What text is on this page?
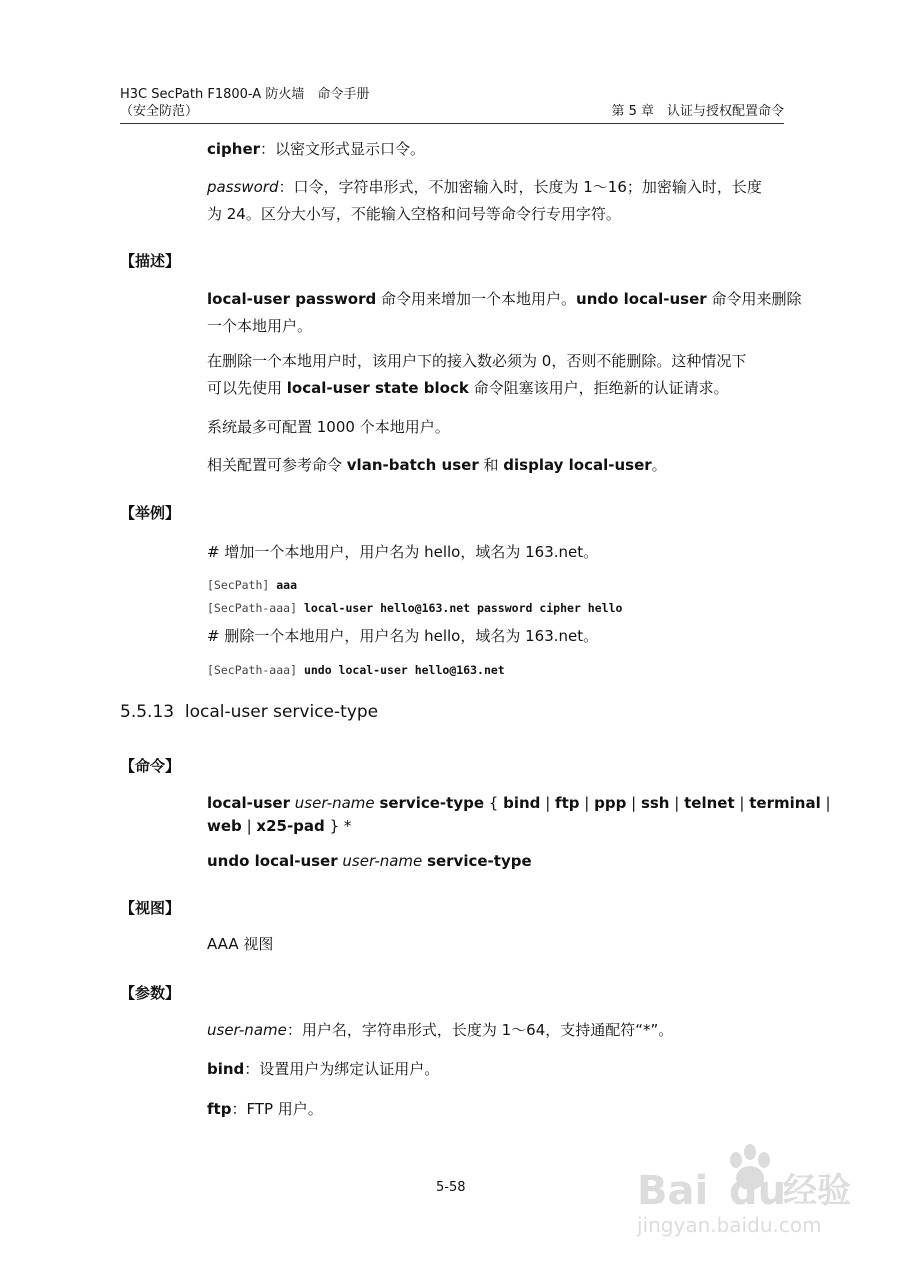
H3C SecPath F1800-A 防火墙　命令手册
（安全防范）	第 5 章　认证与授权配置命令
cipher：以密文形式显示口令。
password：口令，字符串形式，不加密输入时，长度为 1～16；加密输入时，长度
为 24。区分大小写，不能输入空格和问号等命令行专用字符。
【描述】
local-user password 命令用来增加一个本地用户。undo local-user 命令用来删除
一个本地用户。
在删除一个本地用户时，该用户下的接入数必须为 0，否则不能删除。这种情况下
可以先使用 local-user state block 命令阻塞该用户，拒绝新的认证请求。
系统最多可配置 1000 个本地用户。
相关配置可参考命令 vlan-batch user 和 display local-user。
【举例】
# 增加一个本地用户，用户名为 hello，域名为 163.net。
[SecPath] aaa
[SecPath-aaa] local-user hello@163.net password cipher hello
# 删除一个本地用户，用户名为 hello，域名为 163.net。
[SecPath-aaa] undo local-user hello@163.net
5.5.13 local-user service-type
【命令】
local-user user-name service-type { bind | ftp | ppp | ssh | telnet | terminal |
web | x25-pad } *
undo local-user user-name service-type
【视图】
AAA 视图
【参数】
user-name：用户名，字符串形式，长度为 1～64，支持通配符“*”。
bind：设置用户为绑定认证用户。
ftp：FTP 用户。
5-58	Bai du
经验
jingyan.baidu.com
